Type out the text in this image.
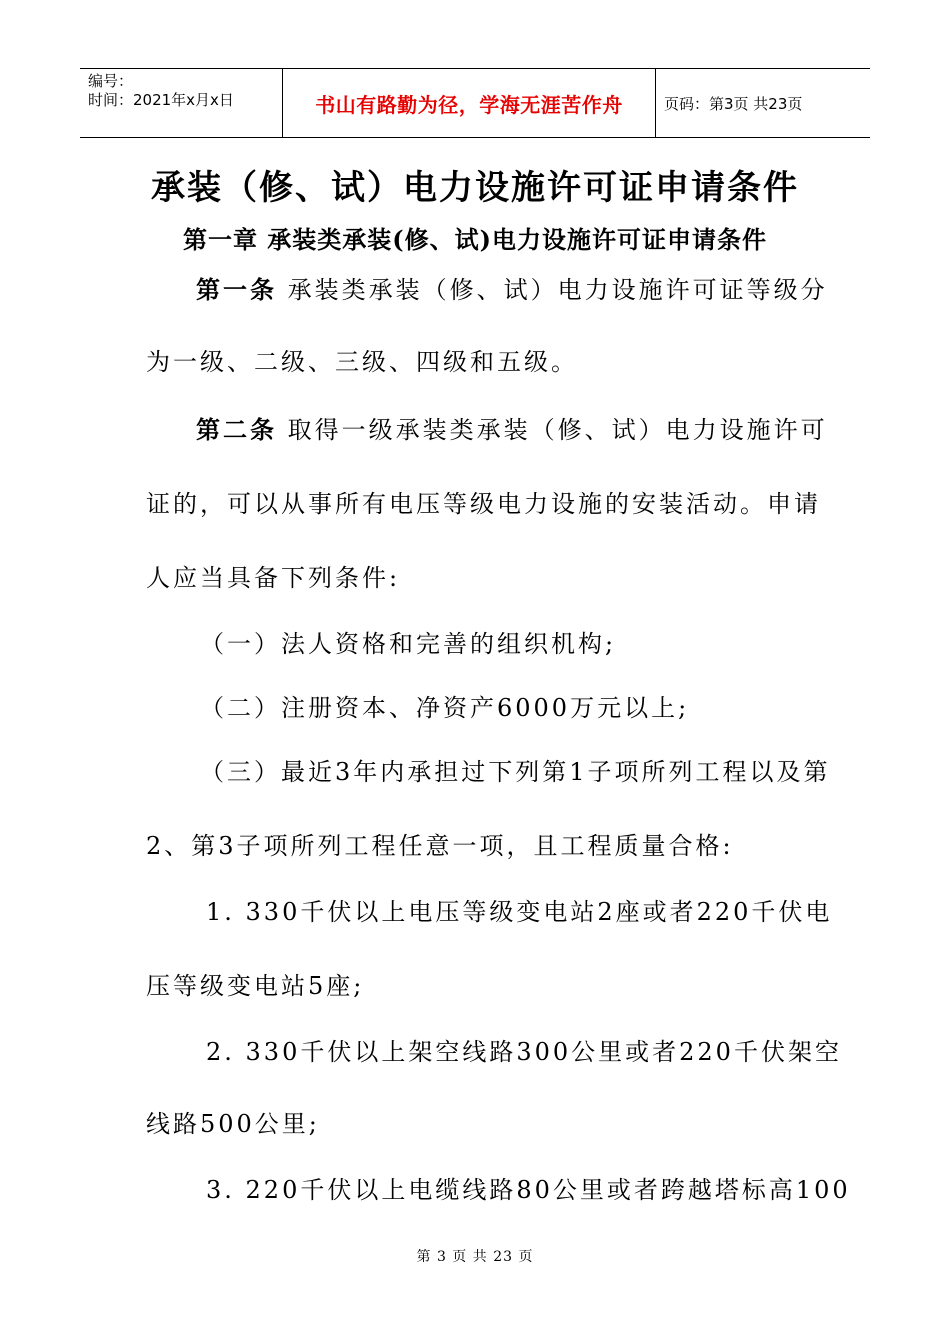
编号：
时间：2021年x月x日	书山有路勤为径，学海无涯苦作舟	页码：第3页 共23页
承装（修、试）电力设施许可证申请条件
第一章 承装类承装(修、试)电力设施许可证申请条件
第一条 承装类承装（修、试）电力设施许可证等级分
为一级、二级、三级、四级和五级。
第二条 取得一级承装类承装（修、试）电力设施许可
证的，可以从事所有电压等级电力设施的安装活动。申请
人应当具备下列条件:
（一）法人资格和完善的组织机构;
（二）注册资本、净资产6000万元以上;
（三）最近3年内承担过下列第1子项所列工程以及第
2、第3子项所列工程任意一项，且工程质量合格:
1. 330千伏以上电压等级变电站2座或者220千伏电
压等级变电站5座;
2. 330千伏以上架空线路300公里或者220千伏架空
线路500公里;
3. 220千伏以上电缆线路80公里或者跨越塔标高100
第 3 页 共 23 页
